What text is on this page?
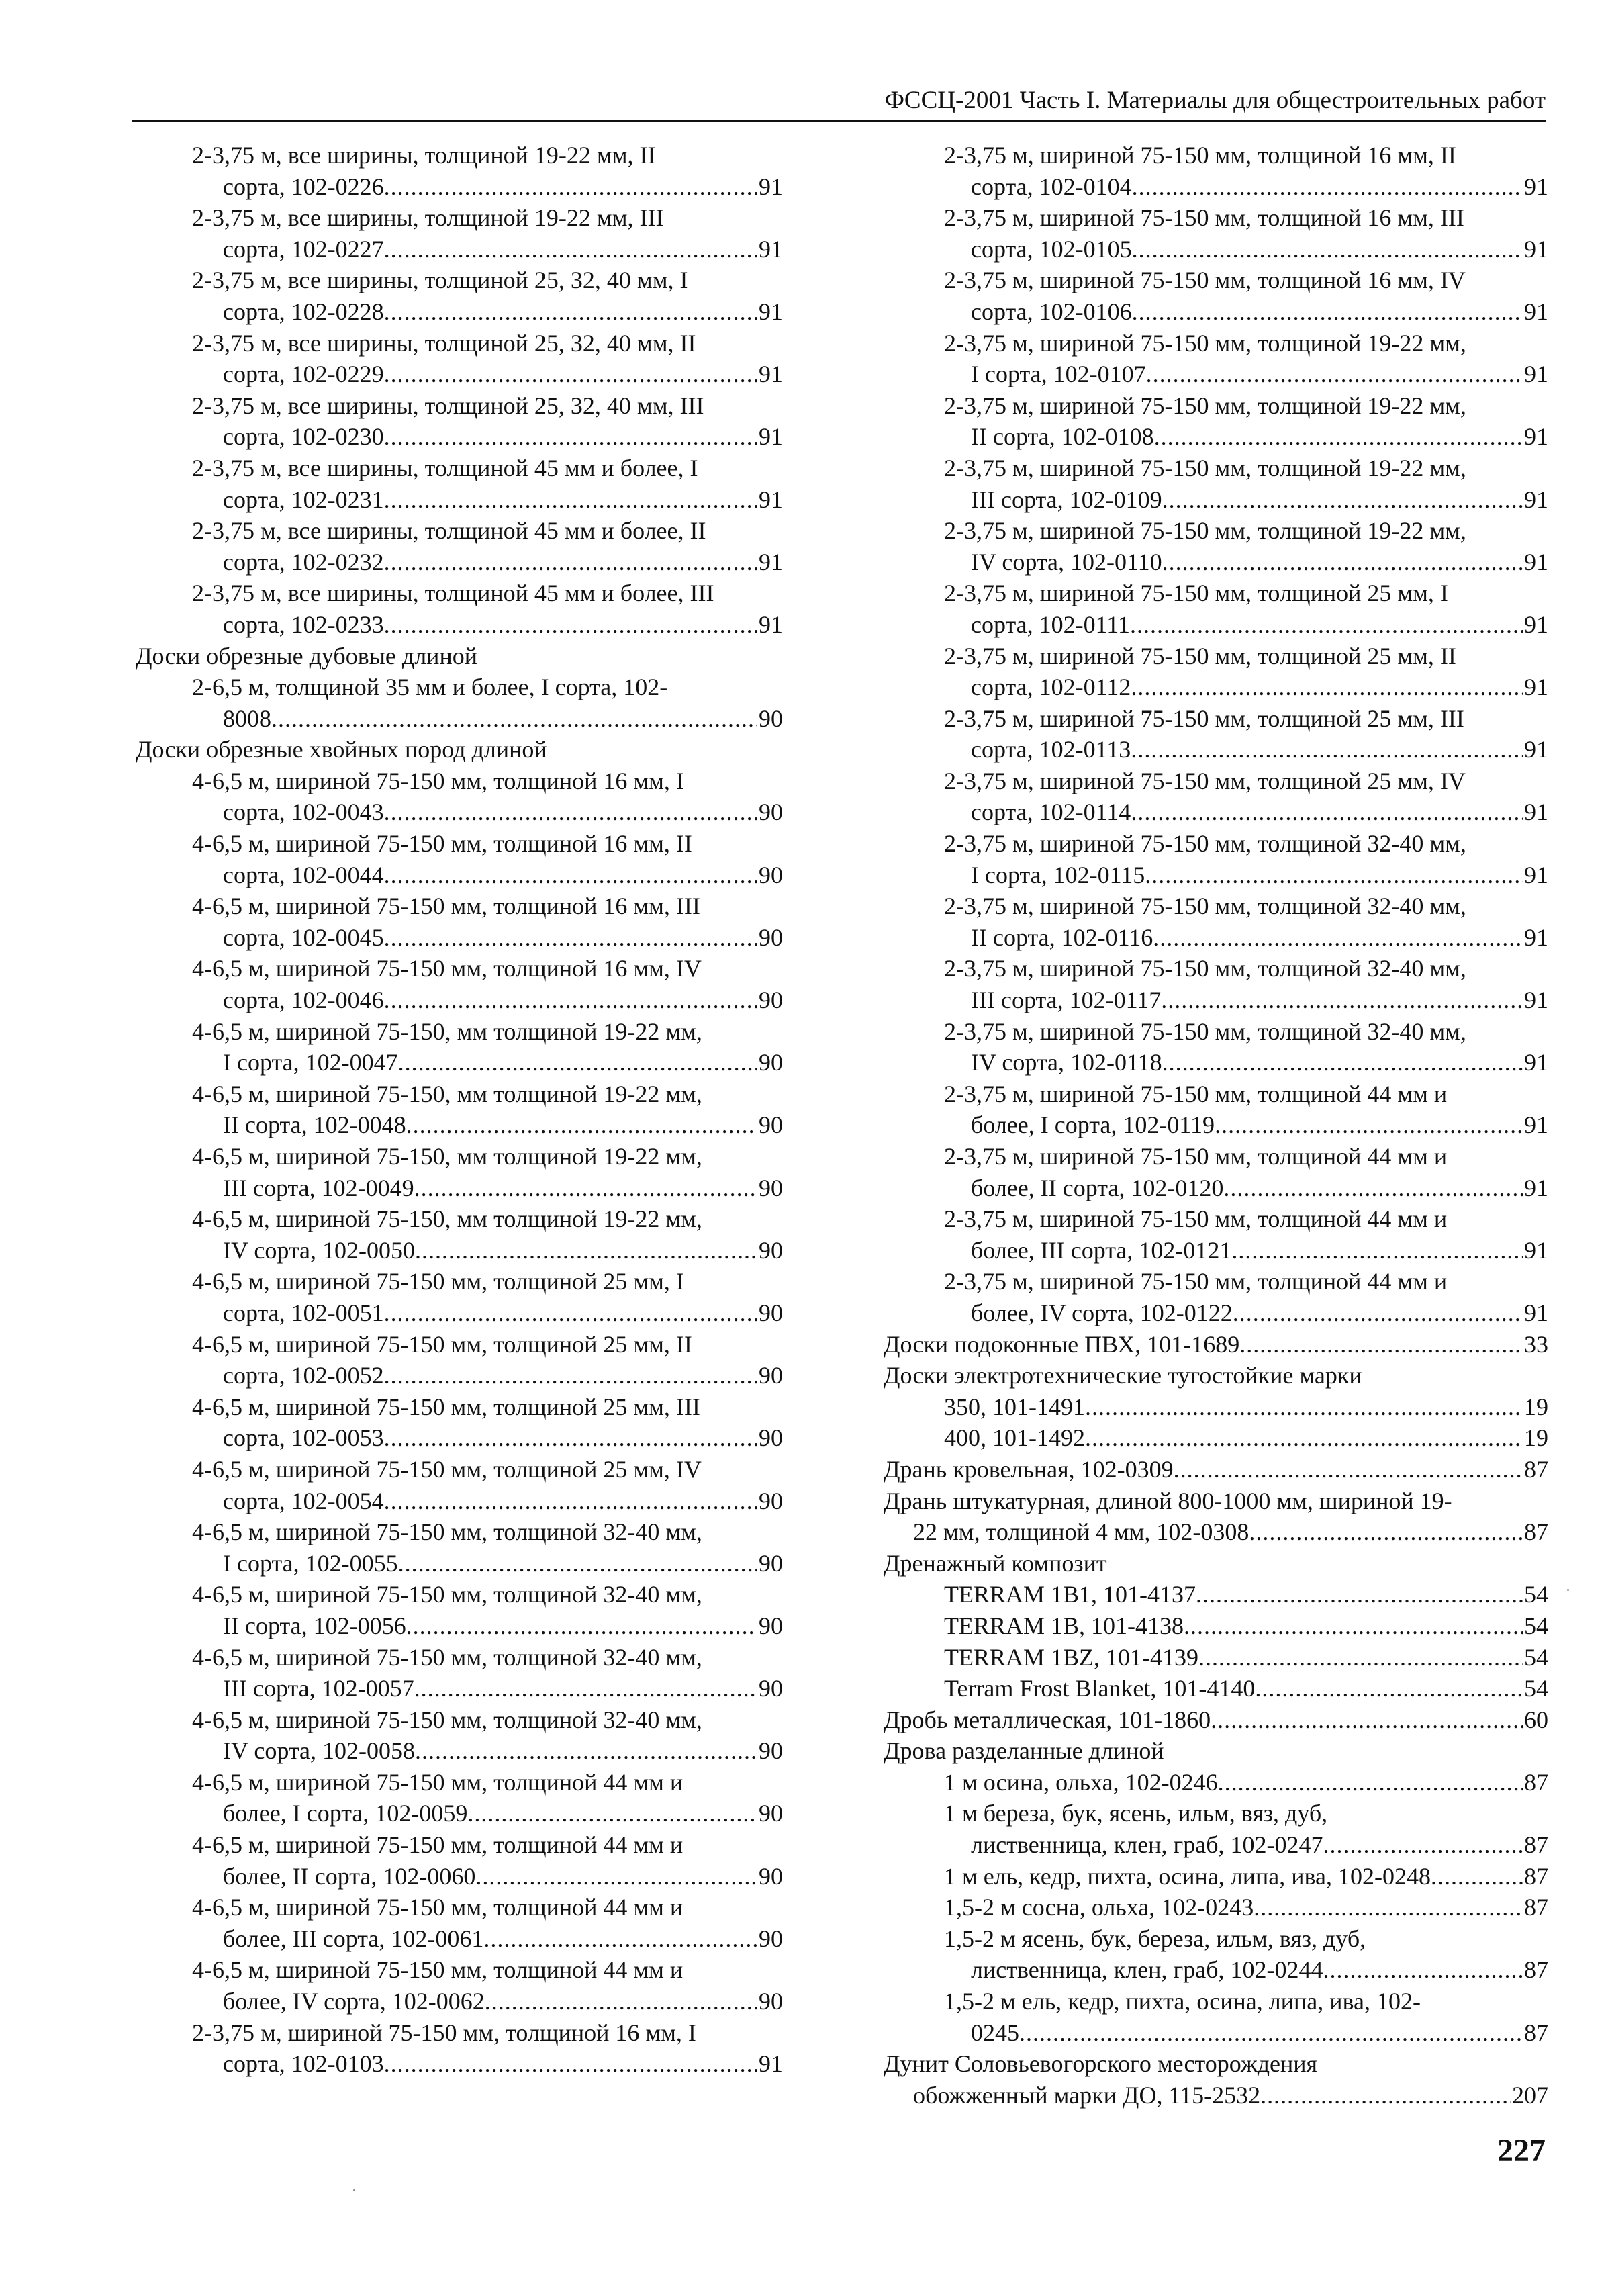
ФССЦ-2001 Часть I. Материалы для общестроительных работ
2-3,75 м, все ширины, толщиной 19-22 мм, II
сорта, 102-0226 .....	91
2-3,75 м, все ширины, толщиной 19-22 мм, III
сорта, 102-0227 .....	91
2-3,75 м, все ширины, толщиной 25, 32, 40 мм, I
сорта, 102-0228 .....	91
2-3,75 м, все ширины, толщиной 25, 32, 40 мм, II
сорта, 102-0229 .....	91
2-3,75 м, все ширины, толщиной 25, 32, 40 мм, III
сорта, 102-0230 .....	91
2-3,75 м, все ширины, толщиной 45 мм и более, I
сорта, 102-0231 .....	91
2-3,75 м, все ширины, толщиной 45 мм и более, II
сорта, 102-0232 .....	91
2-3,75 м, все ширины, толщиной 45 мм и более, III
сорта, 102-0233 .....	91
Доски обрезные дубовые длиной
2-6,5 м, толщиной 35 мм и более, I сорта, 102-
8008 .....	90
Доски обрезные хвойных пород длиной
4-6,5 м, шириной 75-150 мм, толщиной 16 мм, I
сорта, 102-0043 .....	90
4-6,5 м, шириной 75-150 мм, толщиной 16 мм, II
сорта, 102-0044 .....	90
4-6,5 м, шириной 75-150 мм, толщиной 16 мм, III
сорта, 102-0045 .....	90
4-6,5 м, шириной 75-150 мм, толщиной 16 мм, IV
сорта, 102-0046 .....	90
4-6,5 м, шириной 75-150, мм толщиной 19-22 мм,
I сорта, 102-0047 .....	90
4-6,5 м, шириной 75-150, мм толщиной 19-22 мм,
II сорта, 102-0048 .....	90
4-6,5 м, шириной 75-150, мм толщиной 19-22 мм,
III сорта, 102-0049 .....	90
4-6,5 м, шириной 75-150, мм толщиной 19-22 мм,
IV сорта, 102-0050 .....	90
4-6,5 м, шириной 75-150 мм, толщиной 25 мм, I
сорта, 102-0051 .....	90
4-6,5 м, шириной 75-150 мм, толщиной 25 мм, II
сорта, 102-0052 .....	90
4-6,5 м, шириной 75-150 мм, толщиной 25 мм, III
сорта, 102-0053 .....	90
4-6,5 м, шириной 75-150 мм, толщиной 25 мм, IV
сорта, 102-0054 .....	90
4-6,5 м, шириной 75-150 мм, толщиной 32-40 мм,
I сорта, 102-0055 .....	90
4-6,5 м, шириной 75-150 мм, толщиной 32-40 мм,
II сорта, 102-0056 .....	90
4-6,5 м, шириной 75-150 мм, толщиной 32-40 мм,
III сорта, 102-0057 .....	90
4-6,5 м, шириной 75-150 мм, толщиной 32-40 мм,
IV сорта, 102-0058 .....	90
4-6,5 м, шириной 75-150 мм, толщиной 44 мм и
более, I сорта, 102-0059 .....	90
4-6,5 м, шириной 75-150 мм, толщиной 44 мм и
более, II сорта, 102-0060 .....	90
4-6,5 м, шириной 75-150 мм, толщиной 44 мм и
более, III сорта, 102-0061 .....	90
4-6,5 м, шириной 75-150 мм, толщиной 44 мм и
более, IV сорта, 102-0062 .....	90
2-3,75 м, шириной 75-150 мм, толщиной 16 мм, I
сорта, 102-0103 .....	91
2-3,75 м, шириной 75-150 мм, толщиной 16 мм, II
сорта, 102-0104 .....	91
2-3,75 м, шириной 75-150 мм, толщиной 16 мм, III
сорта, 102-0105 .....	91
2-3,75 м, шириной 75-150 мм, толщиной 16 мм, IV
сорта, 102-0106 .....	91
2-3,75 м, шириной 75-150 мм, толщиной 19-22 мм,
I сорта, 102-0107 .....	91
2-3,75 м, шириной 75-150 мм, толщиной 19-22 мм,
II сорта, 102-0108 .....	91
2-3,75 м, шириной 75-150 мм, толщиной 19-22 мм,
III сорта, 102-0109 .....	91
2-3,75 м, шириной 75-150 мм, толщиной 19-22 мм,
IV сорта, 102-0110 .....	91
2-3,75 м, шириной 75-150 мм, толщиной 25 мм, I
сорта, 102-0111 .....	91
2-3,75 м, шириной 75-150 мм, толщиной 25 мм, II
сорта, 102-0112 .....	91
2-3,75 м, шириной 75-150 мм, толщиной 25 мм, III
сорта, 102-0113 .....	91
2-3,75 м, шириной 75-150 мм, толщиной 25 мм, IV
сорта, 102-0114 .....	91
2-3,75 м, шириной 75-150 мм, толщиной 32-40 мм,
I сорта, 102-0115 .....	91
2-3,75 м, шириной 75-150 мм, толщиной 32-40 мм,
II сорта, 102-0116 .....	91
2-3,75 м, шириной 75-150 мм, толщиной 32-40 мм,
III сорта, 102-0117 .....	91
2-3,75 м, шириной 75-150 мм, толщиной 32-40 мм,
IV сорта, 102-0118 .....	91
2-3,75 м, шириной 75-150 мм, толщиной 44 мм и
более, I сорта, 102-0119 .....	91
2-3,75 м, шириной 75-150 мм, толщиной 44 мм и
более, II сорта, 102-0120 .....	91
2-3,75 м, шириной 75-150 мм, толщиной 44 мм и
более, III сорта, 102-0121 .....	91
2-3,75 м, шириной 75-150 мм, толщиной 44 мм и
более, IV сорта, 102-0122 .....	91
Доски подоконные ПВХ, 101-1689 .....	33
Доски электротехнические тугостойкие марки
350, 101-1491 .....	19
400, 101-1492 .....	19
Дрань кровельная, 102-0309 .....	87
Дрань штукатурная, длиной 800-1000 мм, шириной 19-
22 мм, толщиной 4 мм, 102-0308 .....	87
Дренажный композит
TERRAM 1B1, 101-4137 .....	54
TERRAM 1B, 101-4138 .....	54
TERRAM 1BZ, 101-4139 .....	54
Terram Frost Blanket, 101-4140 .....	54
Дробь металлическая, 101-1860 .....	60
Дрова разделанные длиной
1 м осина, ольха, 102-0246 .....	87
1 м береза, бук, ясень, ильм, вяз, дуб,
лиственница, клен, граб, 102-0247 .....	87
1 м ель, кедр, пихта, осина, липа, ива, 102-0248 .....	87
1,5-2 м сосна, ольха, 102-0243 .....	87
1,5-2 м ясень, бук, береза, ильм, вяз, дуб,
лиственница, клен, граб, 102-0244 .....	87
1,5-2 м ель, кедр, пихта, осина, липа, ива, 102-
0245 .....	87
Дунит Соловьевогорского месторождения
обожженный марки ДО, 115-2532 .....	207
227
